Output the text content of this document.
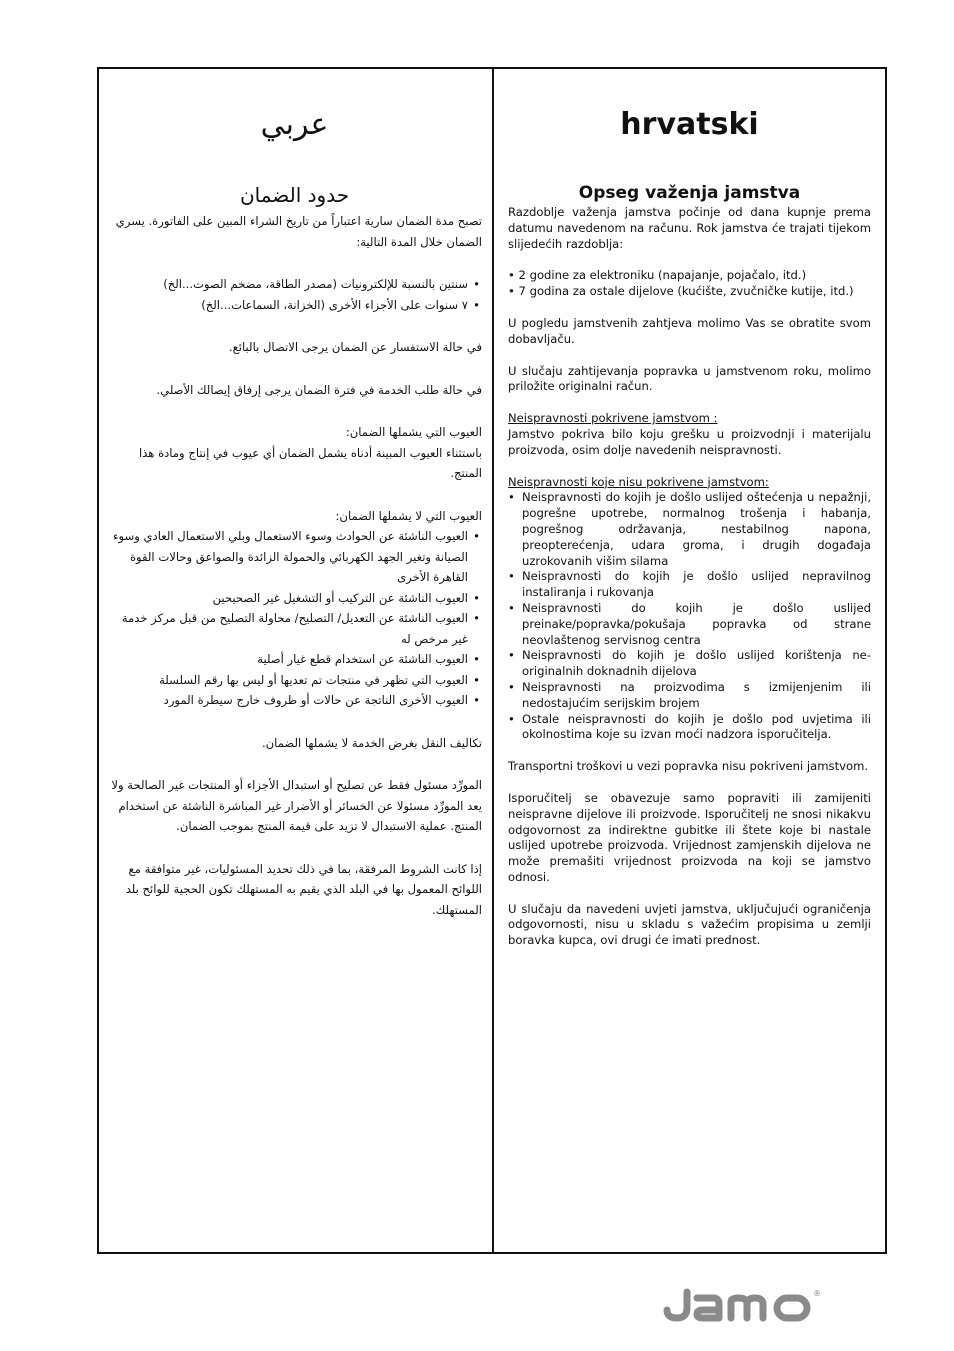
عربي
حدود الضمان

تصبح مدة الضمان سارية اعتباراً من تاريخ الشراء المبين على الفاتورة. يسري الضمان خلال المدة التالية:

• سنتين بالنسبة للإلكترونيات (مصدر الطاقة، مضخم الصوت...الخ)
• ٧ سنوات على الأجزاء الأخرى (الخزانة، السماعات...الخ)

في حالة الاستفسار عن الضمان يرجى الاتصال بالبائع.

في حالة طلب الخدمة في فترة الضمان يرجى إرفاق إيصالك الأصلي.

العيوب التي يشملها الضمان:

باستثناء العيوب المبينة أدناه يشمل الضمان أي عيوب في إنتاج ومادة هذا المنتج.

العيوب التي لا يشملها الضمان:

• العيوب الناشئة عن الحوادث وسوء الاستعمال وبلي الاستعمال العادي وسوء الصيانة وتغير الجهد الكهربائي والحمولة الزائدة والصواعق وحالات القوة القاهرة الأخرى
• العيوب الناشئة عن التركيب أو التشغيل غير الصحيحين
• العيوب الناشئة عن التعديل/ التصليح/ محاولة التصليح من قبل مركز خدمة غير مرخص له
• العيوب الناشئة عن استخدام قطع غيار أصلية
• العيوب التي تظهر في منتجات تم تعديها أو ليس بها رقم السلسلة
• العيوب الأخرى الناتجة عن حالات أو ظروف خارج سيطرة المورد

تكاليف النقل بغرض الخدمة لا يشملها الضمان.

المورِّد مسئول فقط عن تصليح أو استبدال الأجزاء أو المنتجات غير الصالحة ولا يعد المورِّد مسئولا عن الخسائر أو الأضرار غير المباشرة الناشئة عن استخدام المنتج. عملية الاستبدال لا تزيد على قيمة المنتج بموجب الضمان.

إذا كانت الشروط المرفقة، بما في ذلك تحديد المسئوليات، غير متوافقة مع اللوائح المعمول بها في البلد الذي يقيم به المستهلك تكون الحجية للوائح بلد المستهلك.

hrvatski
Opseg važenja jamstva

Razdoblje važenja jamstva počinje od dana kupnje prema datumu navedenom na računu. Rok jamstva će trajati tijekom slijedećih razdoblja:

• 2 godine za elektroniku (napajanje, pojačalo, itd.)
• 7 godina za ostale dijelove (kućište, zvučničke kutije, itd.)

U pogledu jamstvenih zahtjeva molimo Vas se obratite svom dobavljaču.

U slučaju zahtijevanja popravka u jamstvenom roku, molimo priložite originalni račun.

Neispravnosti pokrivene jamstvom :

Jamstvo pokriva bilo koju grešku u proizvodnji i materijalu proizvoda, osim dolje navedenih neispravnosti.

Neispravnosti koje nisu pokrivene jamstvom:

• Neispravnosti do kojih je došlo uslijed oštećenja u nepažnji, pogrešne upotrebe, normalnog trošenja i habanja, pogrešnog održavanja, nestabilnog napona, preopterećenja, udara groma, i drugih događaja uzrokovanih višim silama
• Neispravnosti do kojih je došlo uslijed nepravilnog instaliranja i rukovanja
• Neispravnosti do kojih je došlo uslijed preinake/popravka/pokušaja popravka od strane neovlaštenog servisnog centra
• Neispravnosti do kojih je došlo uslijed korištenja ne-originalnih doknadnih dijelova
• Neispravnosti na proizvodima s izmijenjenim ili nedostajućim serijskim brojem
• Ostale neispravnosti do kojih je došlo pod uvjetima ili okolnostima koje su izvan moći nadzora isporučitelja.

Transportni troškovi u vezi popravka nisu pokriveni jamstvom.

Isporučitelj se obavezuje samo popraviti ili zamijeniti neispravne dijelove ili proizvode. Isporučitelj ne snosi nikakvu odgovornost za indirektne gubitke ili štete koje bi nastale uslijed upotrebe proizvoda. Vrijednost zamjenskih dijelova ne može premašiti vrijednost proizvoda na koji se jamstvo odnosi.

U slučaju da navedeni uvjeti jamstva, uključujući ograničenja odgovornosti, nisu u skladu s važećim propisima u zemlji boravka kupca, ovi drugi će imati prednost.

®
